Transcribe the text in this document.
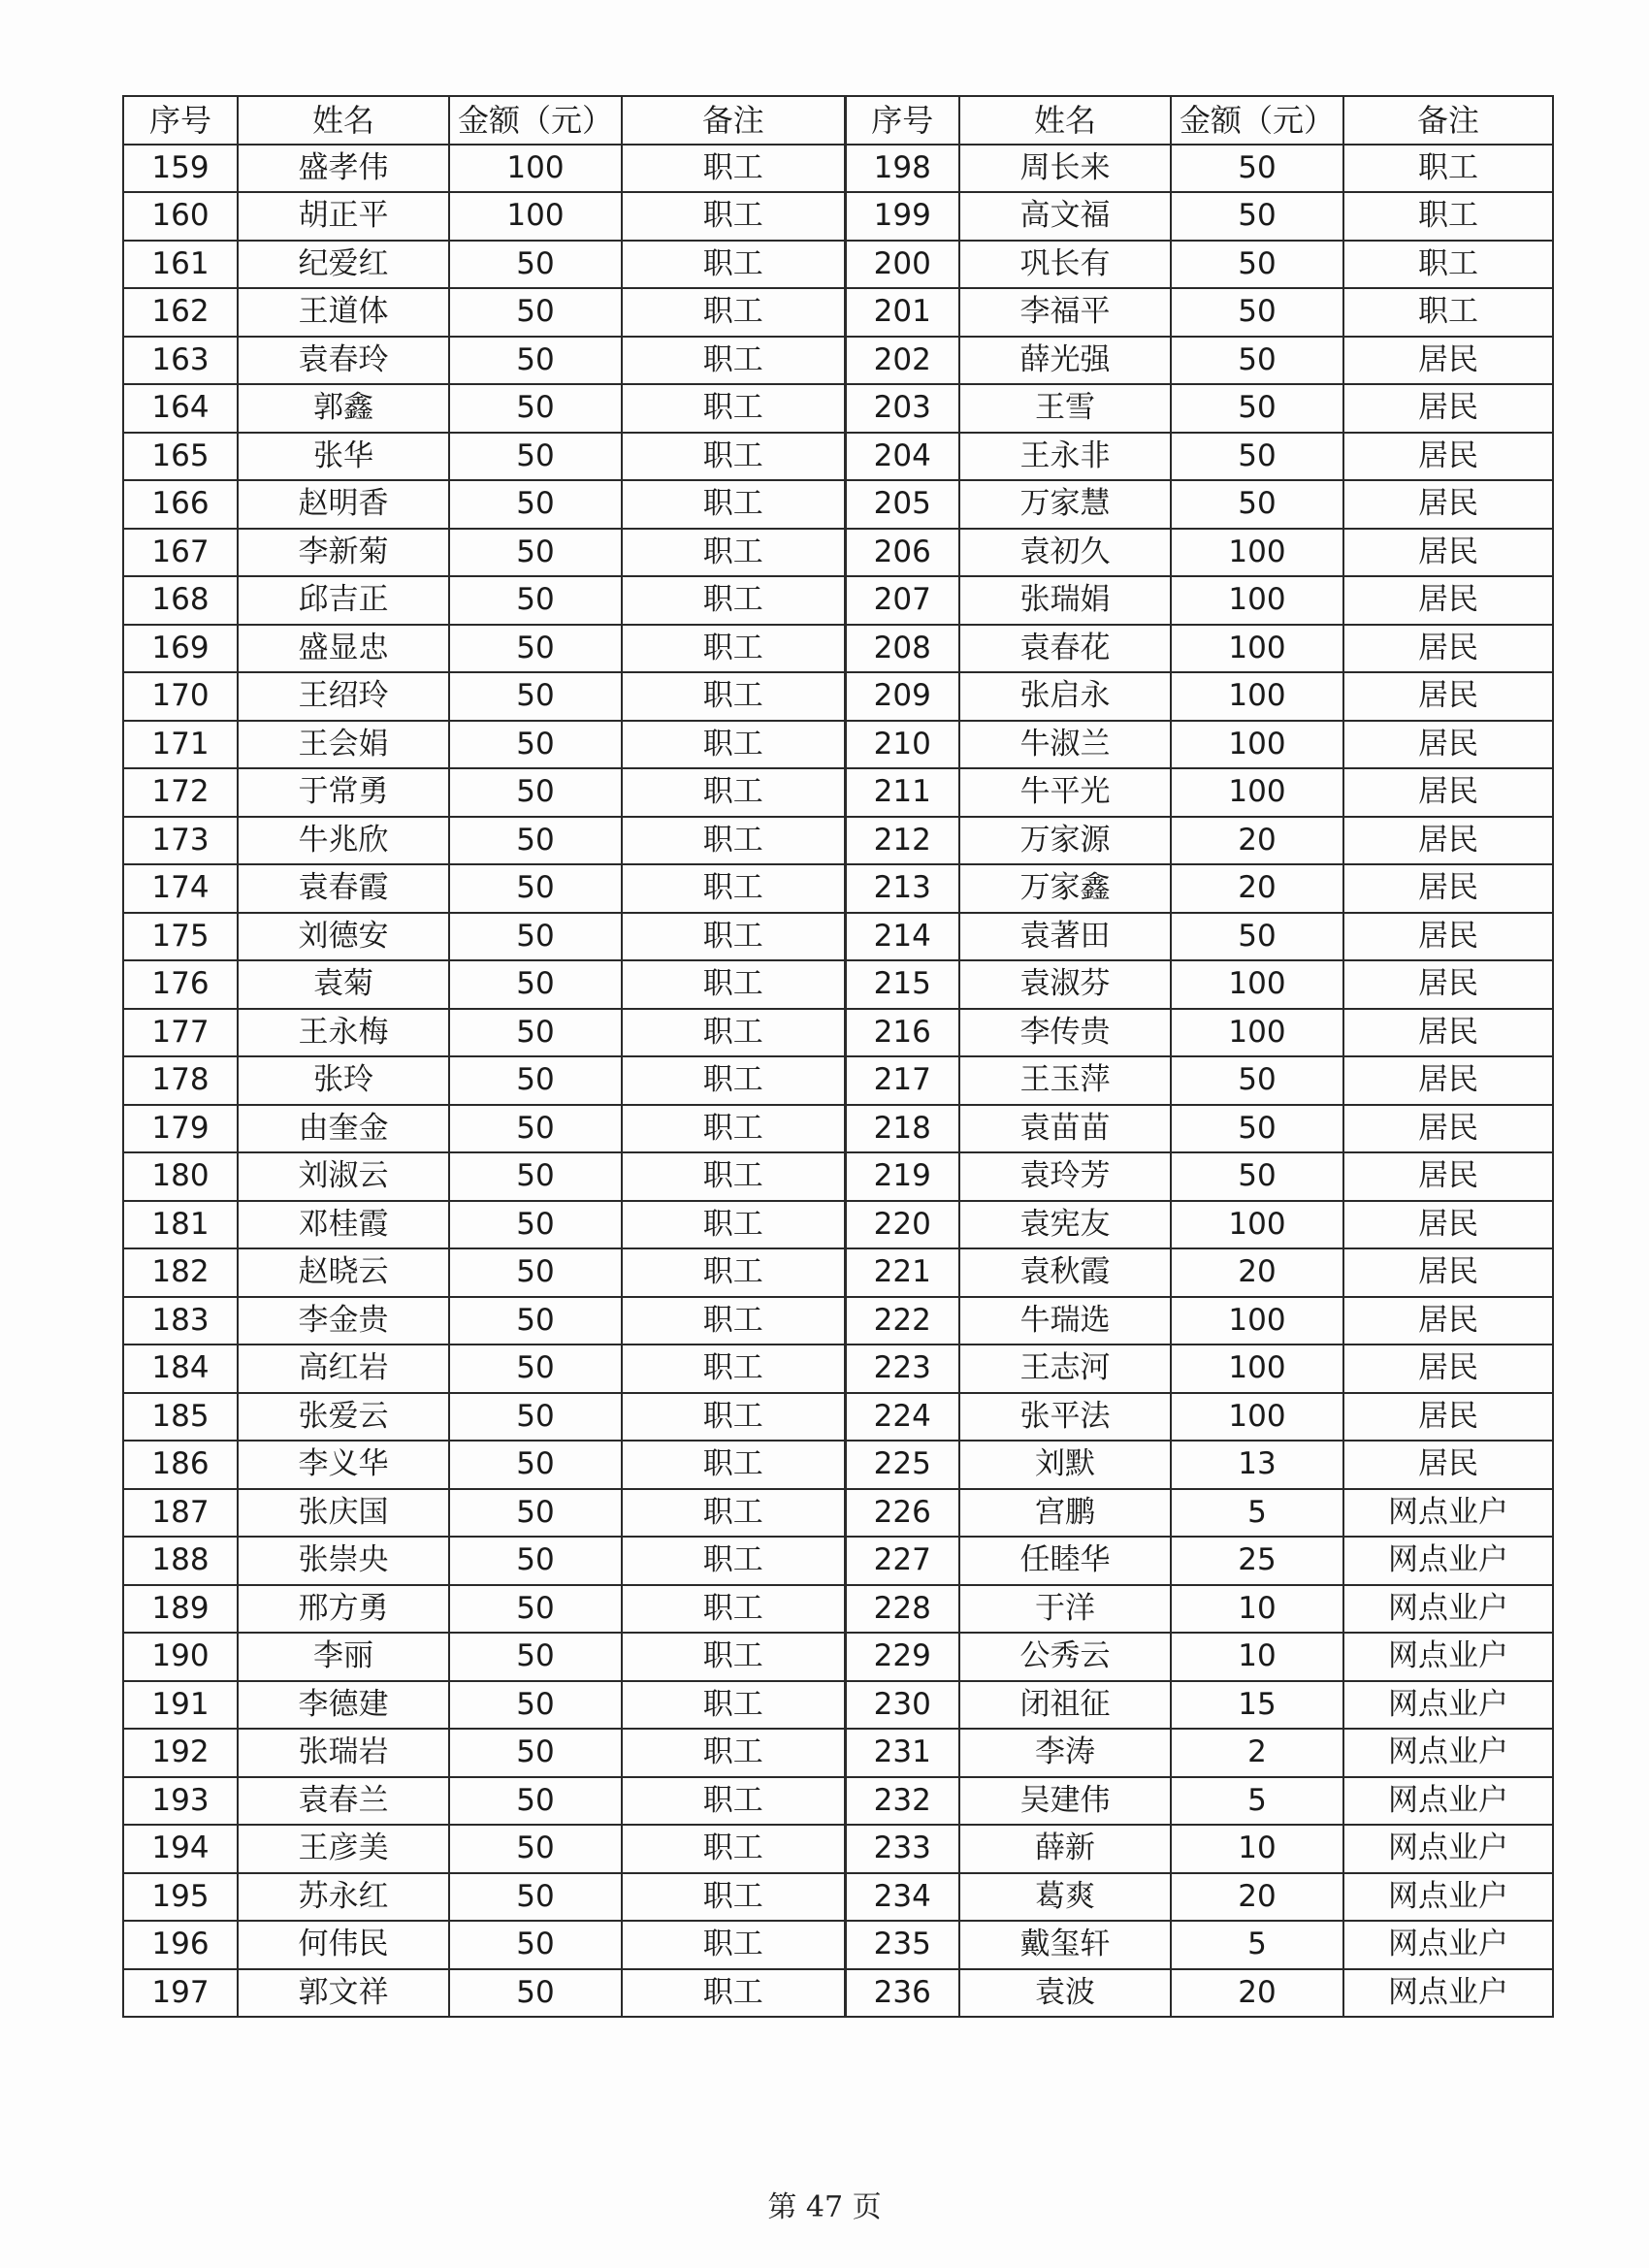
序号	姓名	金额（元）	备注	序号	姓名	金额（元）	备注
159	盛孝伟	100	职工	198	周长来	50	职工
160	胡正平	100	职工	199	高文福	50	职工
161	纪爱红	50	职工	200	巩长有	50	职工
162	王道体	50	职工	201	李福平	50	职工
163	袁春玲	50	职工	202	薛光强	50	居民
164	郭鑫	50	职工	203	王雪	50	居民
165	张华	50	职工	204	王永非	50	居民
166	赵明香	50	职工	205	万家慧	50	居民
167	李新菊	50	职工	206	袁初久	100	居民
168	邱吉正	50	职工	207	张瑞娟	100	居民
169	盛显忠	50	职工	208	袁春花	100	居民
170	王绍玲	50	职工	209	张启永	100	居民
171	王会娟	50	职工	210	牛淑兰	100	居民
172	于常勇	50	职工	211	牛平光	100	居民
173	牛兆欣	50	职工	212	万家源	20	居民
174	袁春霞	50	职工	213	万家鑫	20	居民
175	刘德安	50	职工	214	袁著田	50	居民
176	袁菊	50	职工	215	袁淑芬	100	居民
177	王永梅	50	职工	216	李传贵	100	居民
178	张玲	50	职工	217	王玉萍	50	居民
179	由奎金	50	职工	218	袁苗苗	50	居民
180	刘淑云	50	职工	219	袁玲芳	50	居民
181	邓桂霞	50	职工	220	袁宪友	100	居民
182	赵晓云	50	职工	221	袁秋霞	20	居民
183	李金贵	50	职工	222	牛瑞选	100	居民
184	高红岩	50	职工	223	王志河	100	居民
185	张爱云	50	职工	224	张平法	100	居民
186	李义华	50	职工	225	刘默	13	居民
187	张庆国	50	职工	226	宫鹏	5	网点业户
188	张崇央	50	职工	227	任睦华	25	网点业户
189	邢方勇	50	职工	228	于洋	10	网点业户
190	李丽	50	职工	229	公秀云	10	网点业户
191	李德建	50	职工	230	闭祖征	15	网点业户
192	张瑞岩	50	职工	231	李涛	2	网点业户
193	袁春兰	50	职工	232	吴建伟	5	网点业户
194	王彦美	50	职工	233	薛新	10	网点业户
195	苏永红	50	职工	234	葛爽	20	网点业户
196	何伟民	50	职工	235	戴玺轩	5	网点业户
197	郭文祥	50	职工	236	袁波	20	网点业户
第 47 页
